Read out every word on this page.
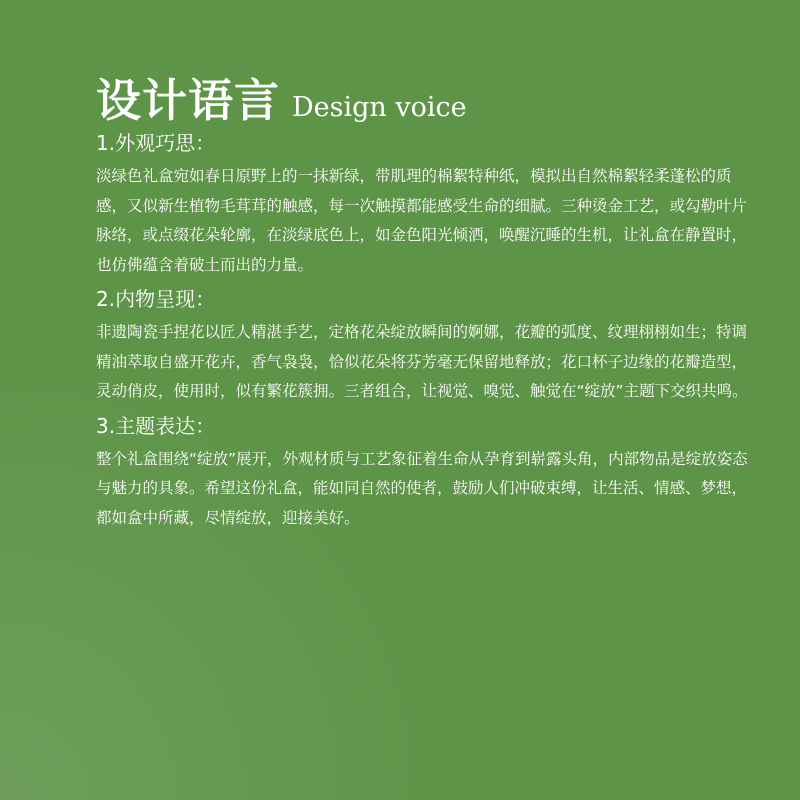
设计语言 Design voice
1.外观巧思：
淡绿色礼盒宛如春日原野上的一抹新绿，带肌理的棉絮特种纸，模拟出自然棉絮轻柔蓬松的质感，又似新生植物毛茸茸的触感，每一次触摸都能感受生命的细腻。三种烫金工艺，或勾勒叶片脉络，或点缀花朵轮廓，在淡绿底色上，如金色阳光倾洒，唤醒沉睡的生机，让礼盒在静置时，也仿佛蕴含着破土而出的力量。
2.内物呈现：
非遗陶瓷手捏花以匠人精湛手艺，定格花朵绽放瞬间的婀娜，花瓣的弧度、纹理栩栩如生；特调精油萃取自盛开花卉，香气袅袅，恰似花朵将芬芳毫无保留地释放；花口杯子边缘的花瓣造型，灵动俏皮，使用时，似有繁花簇拥。三者组合，让视觉、嗅觉、触觉在“绽放”主题下交织共鸣。
3.主题表达：
整个礼盒围绕“绽放”展开，外观材质与工艺象征着生命从孕育到崭露头角，内部物品是绽放姿态与魅力的具象。希望这份礼盒，能如同自然的使者，鼓励人们冲破束缚，让生活、情感、梦想，都如盒中所藏，尽情绽放，迎接美好。
